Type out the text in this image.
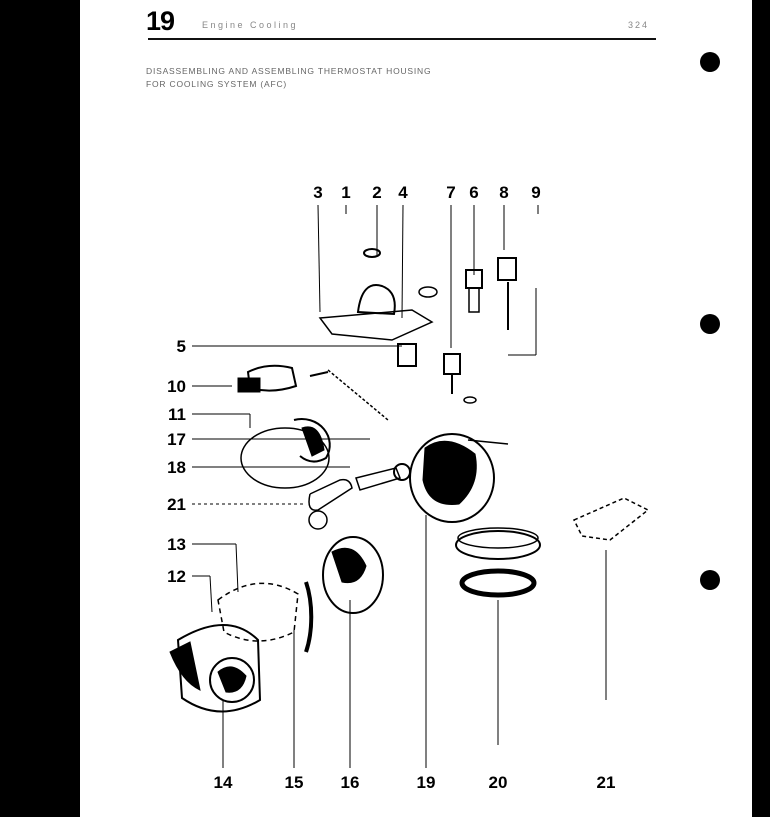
19	Engine Cooling	324
DISASSEMBLING AND ASSEMBLING THERMOSTAT HOUSING
FOR COOLING SYSTEM (AFC)
3 1 2 4 7 6 8 9
5
10
11
17
18
21
13
12
14	15 16	19	20	21
